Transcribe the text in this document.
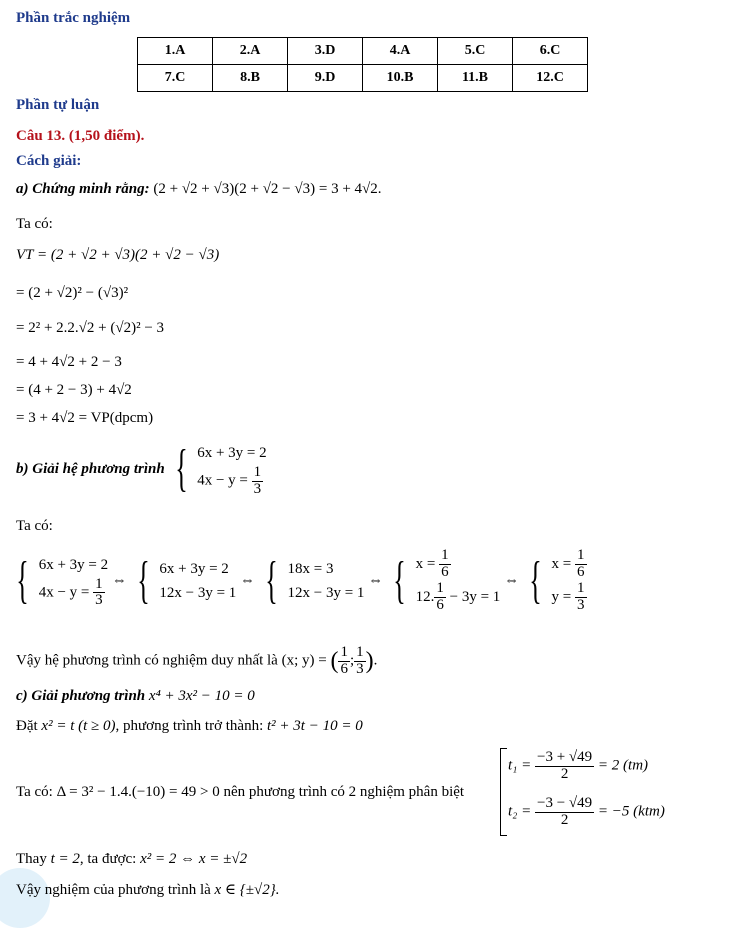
Phần trắc nghiệm
1.A	2.A	3.D	4.A	5.C	6.C
7.C	8.B	9.D	10.B	11.B	12.C
Phần tự luận
Câu 13. (1,50 điểm).
Cách giải:
a) Chứng minh rằng: (2 + √2 + √3)(2 + √2 − √3) = 3 + 4√2.
Ta có:
VT = (2 + √2 + √3)(2 + √2 − √3)
= (2 + √2)² − (√3)²
= 2² + 2.2.√2 + (√2)² − 3
= 4 + 4√2 + 2 − 3
= (4 + 2 − 3) + 4√2
= 3 + 4√2 = VP(dpcm)
b) Giải hệ phương trình { 6x + 3y = 2
$4x - y = \frac{1}{3}$
Ta có:
{ 6x + 3y = 2
$4x - y = \frac{1}{3}$ ⇔ { 6x + 3y = 2
12x − 3y = 1
⇔ { 18x = 3
12x − 3y = 1
⇔ { $x = \frac{1}{6}$
12. $\frac{1}{6} - 3y = 1$
⇔ { $x = \frac{1}{6}$
$y = \frac{1}{3}$
Vậy hệ phương trình có nghiệm duy nhất là (x; y) = ( $\frac{1}{6}$ ; $\frac{1}{3}$ ).
c) Giải phương trình x⁴ + 3x² − 10 = 0
Đặt x² = t (t ≥ 0), phương trình trở thành: t² + 3t − 10 = 0
Ta có: Δ = 3² − 1.4.(−10) = 49 > 0 nên phương trình có 2 nghiệm phân biệt
$t_1 = \frac{-3 + √49}{2} = 2$ (tm)
$t_2 = \frac{-3 - √49}{2} = -5$ (ktm)
Thay t = 2, ta được: x² = 2 ⇔ x = ±√2
Vậy nghiệm của phương trình là x ∈ {±√2}.
